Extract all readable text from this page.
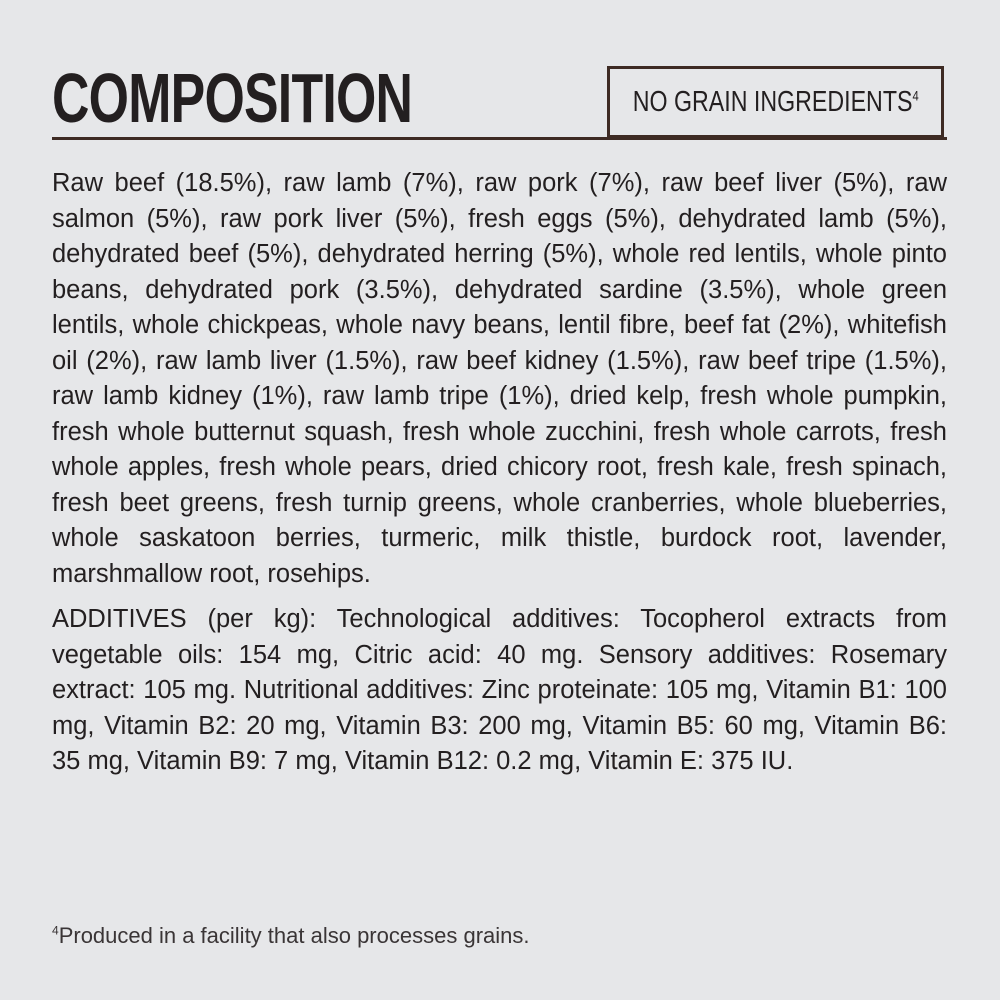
COMPOSITION	NO GRAIN INGREDIENTS$^4$

Raw beef (18.5%), raw lamb (7%), raw pork (7%), raw beef liver (5%), raw salmon (5%), raw pork liver (5%), fresh eggs (5%), dehydrated lamb (5%), dehydrated beef (5%), dehydrated herring (5%), whole red lentils, whole pinto beans, dehydrated pork (3.5%), dehydrated sardine (3.5%), whole green lentils, whole chickpeas, whole navy beans, lentil fibre, beef fat (2%), whitefish oil (2%), raw lamb liver (1.5%), raw beef kidney (1.5%), raw beef tripe (1.5%), raw lamb kidney (1%), raw lamb tripe (1%), dried kelp, fresh whole pumpkin, fresh whole butternut squash, fresh whole zucchini, fresh whole carrots, fresh whole apples, fresh whole pears, dried chicory root, fresh kale, fresh spinach, fresh beet greens, fresh turnip greens, whole cranberries, whole blueberries, whole saskatoon berries, turmeric, milk thistle, burdock root, lavender, marshmallow root, rosehips.

ADDITIVES (per kg): Technological additives: Tocopherol extracts from vegetable oils: 154 mg, Citric acid: 40 mg. Sensory additives: Rosemary extract: 105 mg. Nutritional additives: Zinc proteinate: 105 mg, Vitamin B1: 100 mg, Vitamin B2: 20 mg, Vitamin B3: 200 mg, Vitamin B5: 60 mg, Vitamin B6: 35 mg, Vitamin B9: 7 mg, Vitamin B12: 0.2 mg, Vitamin E: 375 IU.

$^4$Produced in a facility that also processes grains.
